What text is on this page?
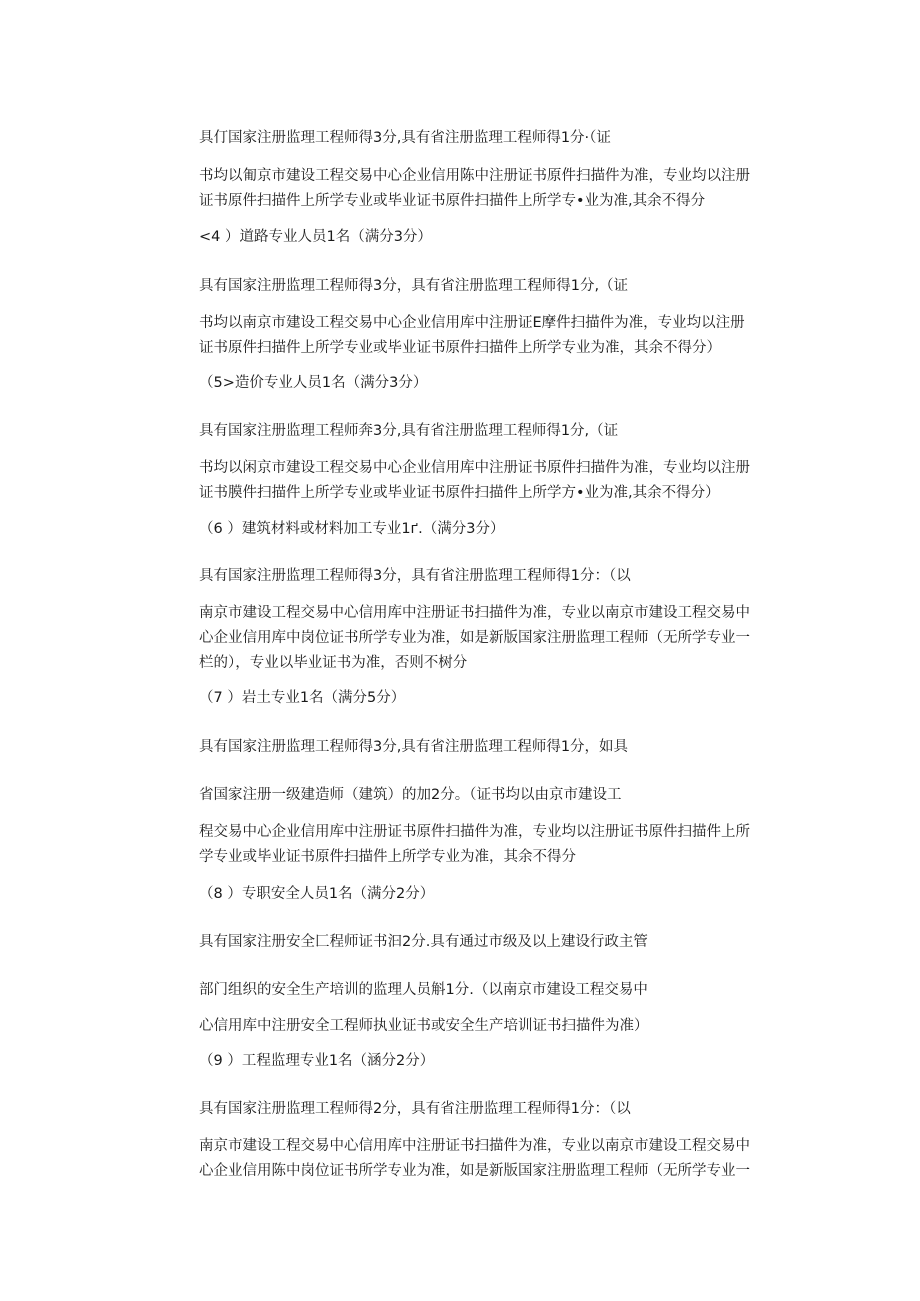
具仃国家注册监理工程师得3分,具有省注册监理工程师得1分·（证
书均以匍京市建设工程交易中心企业信用陈中注册证书原件扫描件为准，专业均以注册
证书原件扫描件上所学专业或毕业证书原件扫描件上所学专•业为准,其余不得分
<4 ）道路专业人员1名（满分3分）
具有国家注册监理工程师得3分，具有省注册监理工程师得1分,（证
书均以南京市建设工程交易中心企业信用库中注册证E摩件扫描件为准，专业均以注册
证书原件扫描件上所学专业或毕业证书原件扫描件上所学专业为准，其余不得分）
（5>造价专业人员1名（满分3分）
具有国家注册监理工程师奔3分,具有省注册监理工程师得1分,（证
书均以闲京市建设工程交易中心企业信用库中注册证书原件扫描件为准，专业均以注册
证书膜件扫描件上所学专业或毕业证书原件扫描件上所学方•业为准,其余不得分）
（6 ）建筑材料或材料加工专业1ґ.（满分3分）
具有国家注册监理工程师得3分，具有省注册监理工程师得1分：（以
南京市建设工程交易中心信用库中注册证书扫描件为准，专业以南京市建设工程交易中
心企业信用库中岗位证书所学专业为准，如是新版国家注册监理工程师（无所学专业一
栏的），专业以毕业证书为准，否则不树分
（7 ）岩土专业1名（满分5分）
具有国家注册监理工程师得3分,具有省注册监理工程师得1分，如具
省国家注册一级建造师（建筑）的加2分。（证书均以由京市建设工
程交易中心企业信用库中注册证书原件扫描件为准，专业均以注册证书原件扫描件上所
学专业或毕业证书原件扫描件上所学专业为准，其余不得分
（8 ）专职安全人员1名（满分2分）
具有国家注册安全匚程师证书汩2分.具有通过市级及以上建设行政主管
部门组织的安全生产培训的监理人员斛1分.（以南京市建设工程交易中
心信用库中注册安全工程师执业证书或安全生产培训证书扫描件为准）
（9 ）工程监理专业1名（涵分2分）
具有国家注册监理工程师得2分，具有省注册监理工程师得1分：（以
南京市建设工程交易中心信用库中注册证书扫描件为准，专业以南京市建设工程交易中
心企业信用陈中岗位证书所学专业为准，如是新版国家注册监理工程师（无所学专业一
